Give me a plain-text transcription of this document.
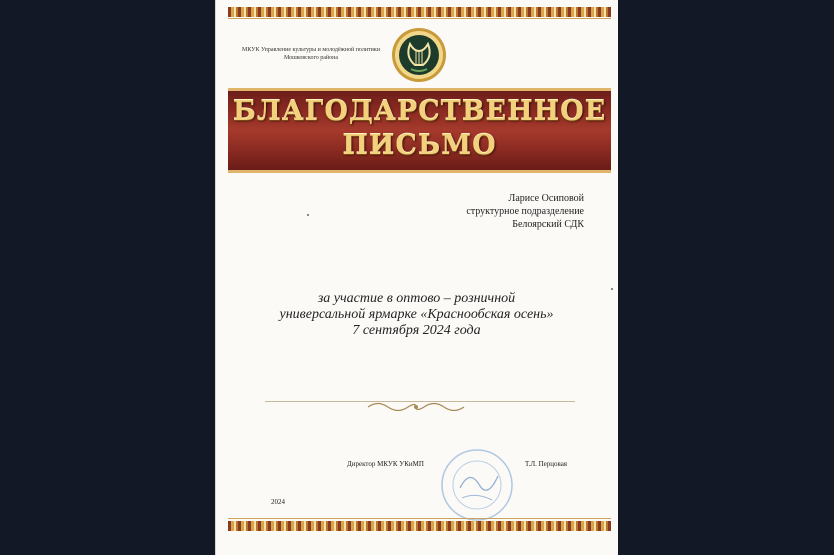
МКУК Управление культуры и молодёжной политики Мошковского района
БЛАГОДАРСТВЕННОЕ
ПИСЬМО
Ларисе Осиповой
структурное подразделение
Белоярский СДК
за участие в оптово – розничной
универсальной ярмарке «Краснообская осень»
7 сентября 2024 года
Директор МКУК УКиМП	Т.Л. Перцовая
2024
